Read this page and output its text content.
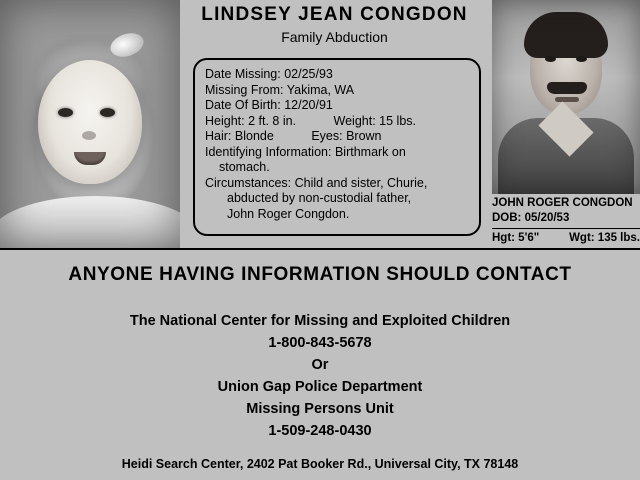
LINDSEY JEAN CONGDON
Family Abduction
Date Missing: 02/25/93
Missing From: Yakima, WA
Date Of Birth: 12/20/91
Height: 2 ft. 8 in.	Weight: 15 lbs.
Hair: Blonde	Eyes: Brown
Identifying Information: Birthmark on
stomach.
Circumstances: Child and sister, Churie,
abducted by non-custodial father,
John Roger Congdon.
JOHN ROGER CONGDON
DOB: 05/20/53
Hgt: 5'6"	Wgt: 135 lbs.
ANYONE HAVING INFORMATION SHOULD CONTACT
The National Center for Missing and Exploited Children
1-800-843-5678
Or
Union Gap Police Department
Missing Persons Unit
1-509-248-0430
Heidi Search Center, 2402 Pat Booker Rd., Universal City, TX 78148
